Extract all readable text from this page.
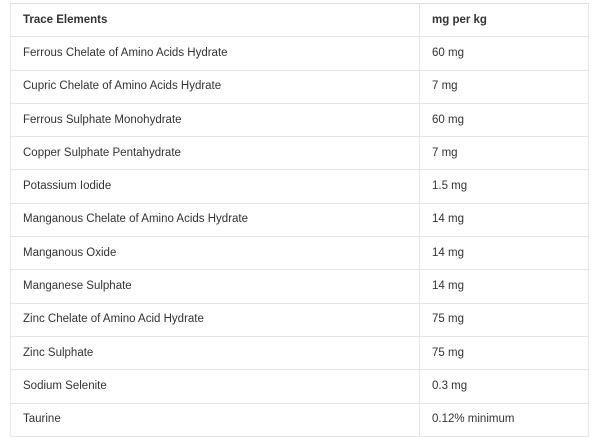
Trace Elements	mg per kg
Ferrous Chelate of Amino Acids Hydrate	60 mg
Cupric Chelate of Amino Acids Hydrate	7 mg
Ferrous Sulphate Monohydrate	60 mg
Copper Sulphate Pentahydrate	7 mg
Potassium Iodide	1.5 mg
Manganous Chelate of Amino Acids Hydrate	14 mg
Manganous Oxide	14 mg
Manganese Sulphate	14 mg
Zinc Chelate of Amino Acid Hydrate	75 mg
Zinc Sulphate	75 mg
Sodium Selenite	0.3 mg
Taurine	0.12% minimum
